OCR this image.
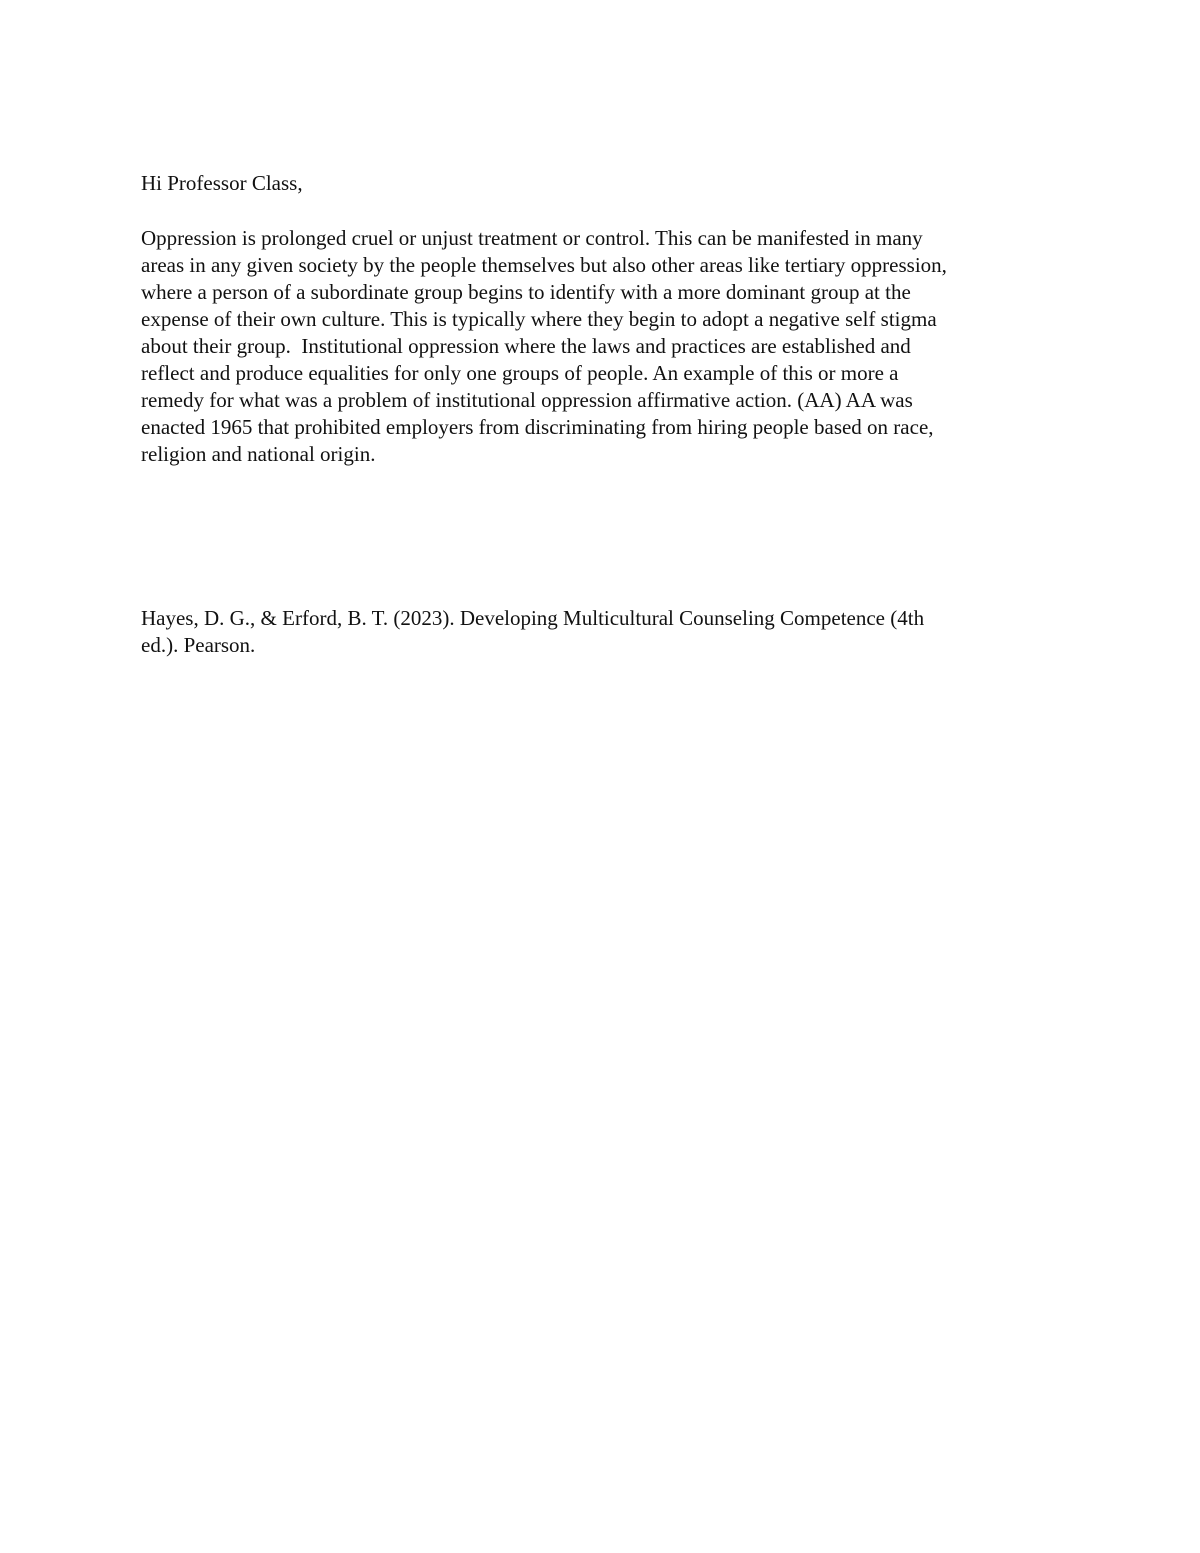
Hi Professor Class,
Oppression is prolonged cruel or unjust treatment or control. This can be manifested in many
areas in any given society by the people themselves but also other areas like tertiary oppression,
where a person of a subordinate group begins to identify with a more dominant group at the
expense of their own culture. This is typically where they begin to adopt a negative self stigma
about their group.  Institutional oppression where the laws and practices are established and
reflect and produce equalities for only one groups of people. An example of this or more a
remedy for what was a problem of institutional oppression affirmative action. (AA) AA was
enacted 1965 that prohibited employers from discriminating from hiring people based on race,
religion and national origin.
Hayes, D. G., & Erford, B. T. (2023). Developing Multicultural Counseling Competence (4th
ed.). Pearson.
